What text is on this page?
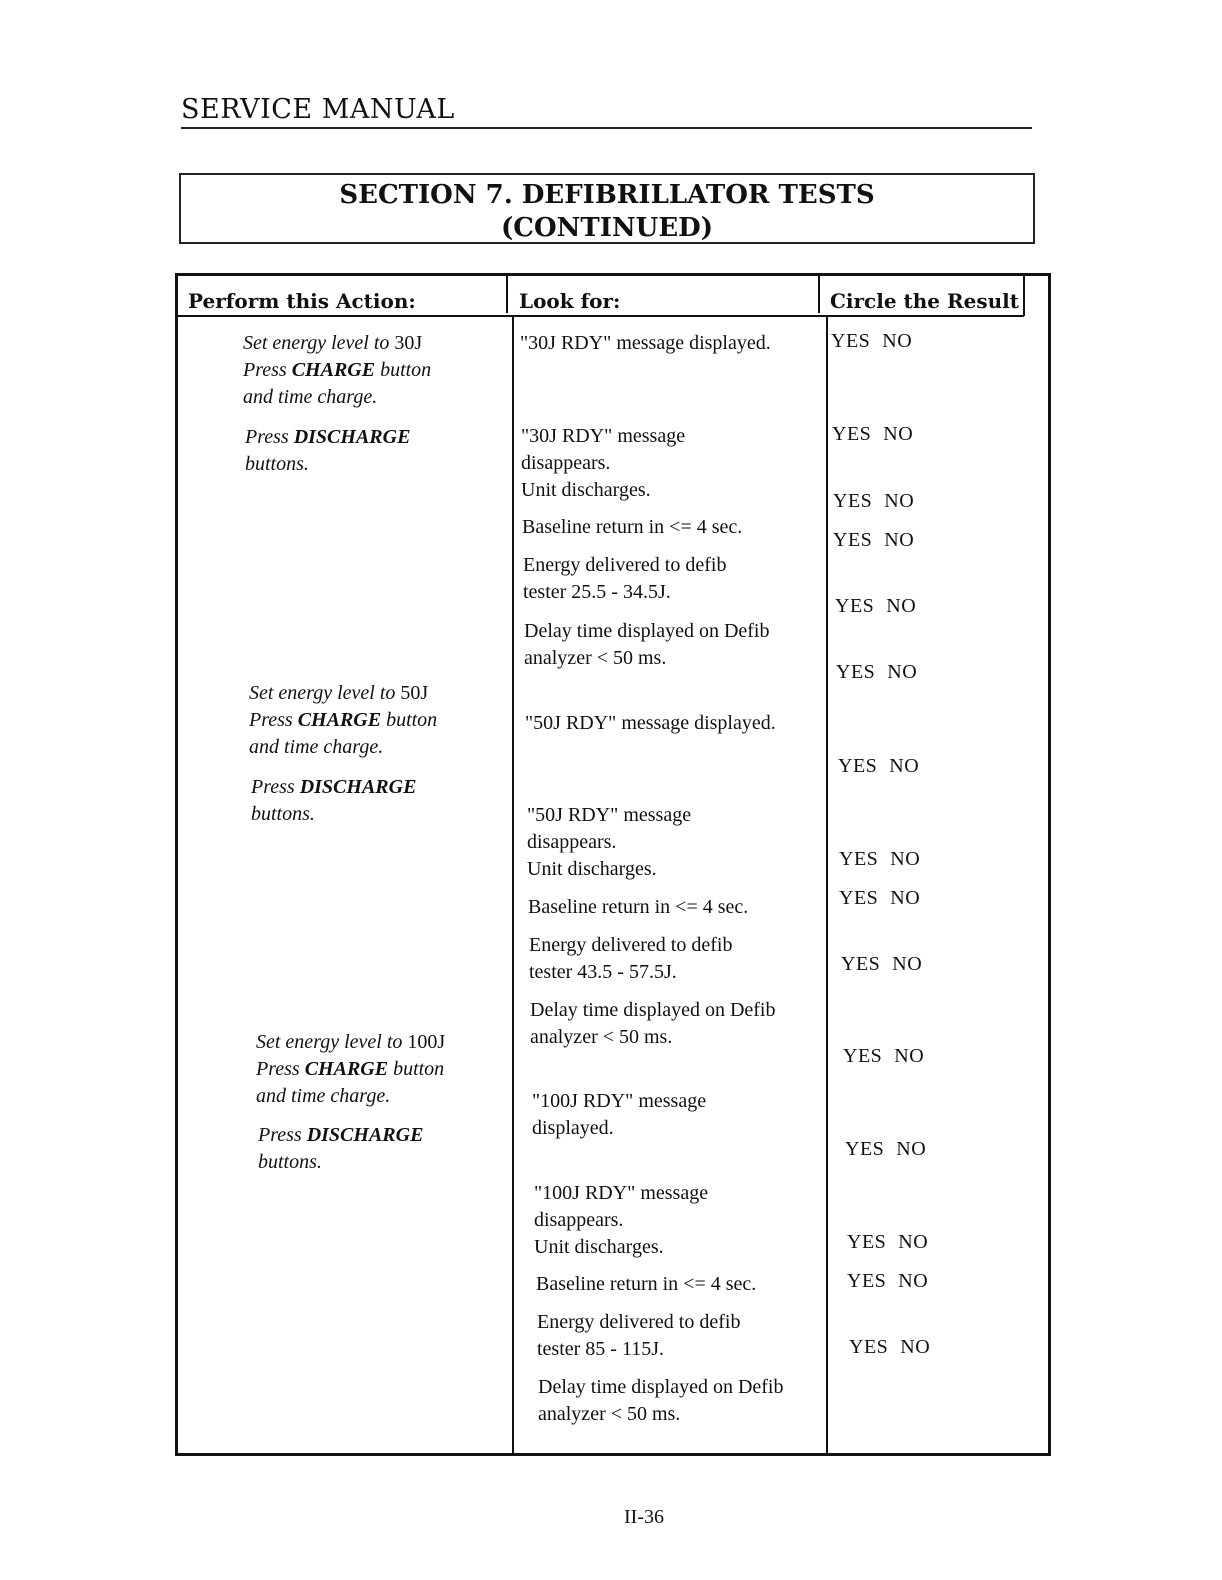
SERVICE MANUAL
SECTION 7. DEFIBRILLATOR TESTS
(CONTINUED)
Perform this Action:	Look for:	Circle the Result
Set energy level to 30J
Press CHARGE button
and time charge.
Press DISCHARGE
buttons.
Set energy level to 50J
Press CHARGE button
and time charge.
Press DISCHARGE
buttons.
Set energy level to 100J
Press CHARGE button
and time charge.
Press DISCHARGE
buttons.
"30J RDY" message displayed.
"30J RDY" message
disappears.
Unit discharges.
Baseline return in <= 4 sec.
Energy delivered to defib
tester 25.5 - 34.5J.
Delay time displayed on Defib
analyzer < 50 ms.
"50J RDY" message displayed.
"50J RDY" message
disappears.
Unit discharges.
Baseline return in <= 4 sec.
Energy delivered to defib
tester 43.5 - 57.5J.
Delay time displayed on Defib
analyzer < 50 ms.
"100J RDY" message
displayed.
"100J RDY" message
disappears.
Unit discharges.
Baseline return in <= 4 sec.
Energy delivered to defib
tester 85 - 115J.
Delay time displayed on Defib
analyzer < 50 ms.
YES NO
YES NO
YES NO
YES NO
YES NO
YES NO
YES NO
YES NO
YES NO
YES NO
YES NO
YES NO
YES NO
YES NO
YES NO
II-36
